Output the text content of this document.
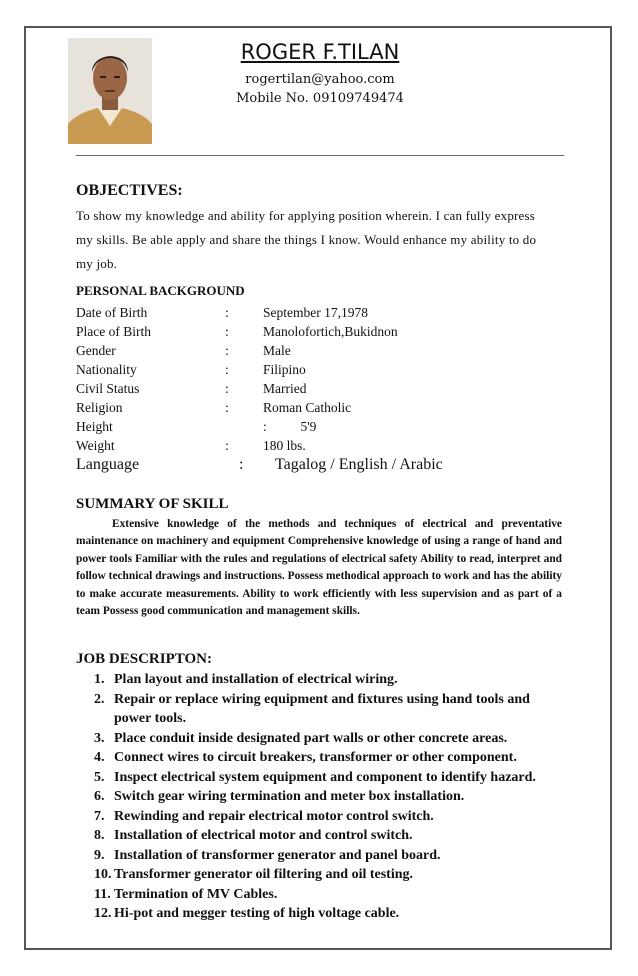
ROGER F.TILAN
rogertilan@yahoo.com
Mobile No. 09109749474
OBJECTIVES:
To show my knowledge and ability for applying position wherein. I can fully express
my skills. Be able apply and share the things I know. Would enhance my ability to do
my job.
PERSONAL BACKGROUND
Date of Birth	:	September 17,1978
Place of Birth	:	Manolofortich,Bukidnon
Gender	:	Male
Nationality	:	Filipino
Civil Status	:	Married
Religion	:	Roman Catholic
Height	:          5'9
Weight	:	180 lbs.
Language	: Tagalog / English / Arabic
SUMMARY OF SKILL
Extensive knowledge of the methods and techniques of electrical and preventative maintenance on machinery and equipment Comprehensive knowledge of using a range of hand and power tools Familiar with the rules and regulations of electrical safety Ability to read, interpret and follow technical drawings and instructions. Possess methodical approach to work and has the ability to make accurate measurements. Ability to work efficiently with less supervision and as part of a team Possess good communication and management skills.
JOB DESCRIPTON:
1. Plan layout and installation of electrical wiring.
2. Repair or replace wiring equipment and fixtures using hand tools and power tools.
3. Place conduit inside designated part walls or other concrete areas.
4. Connect wires to circuit breakers, transformer or other component.
5. Inspect electrical system equipment and component to identify hazard.
6. Switch gear wiring termination and meter box installation.
7. Rewinding and repair electrical motor control switch.
8. Installation of electrical motor and control switch.
9. Installation of transformer generator and panel board.
10. Transformer generator oil filtering and oil testing.
11. Termination of MV Cables.
12. Hi-pot and megger testing of high voltage cable.
